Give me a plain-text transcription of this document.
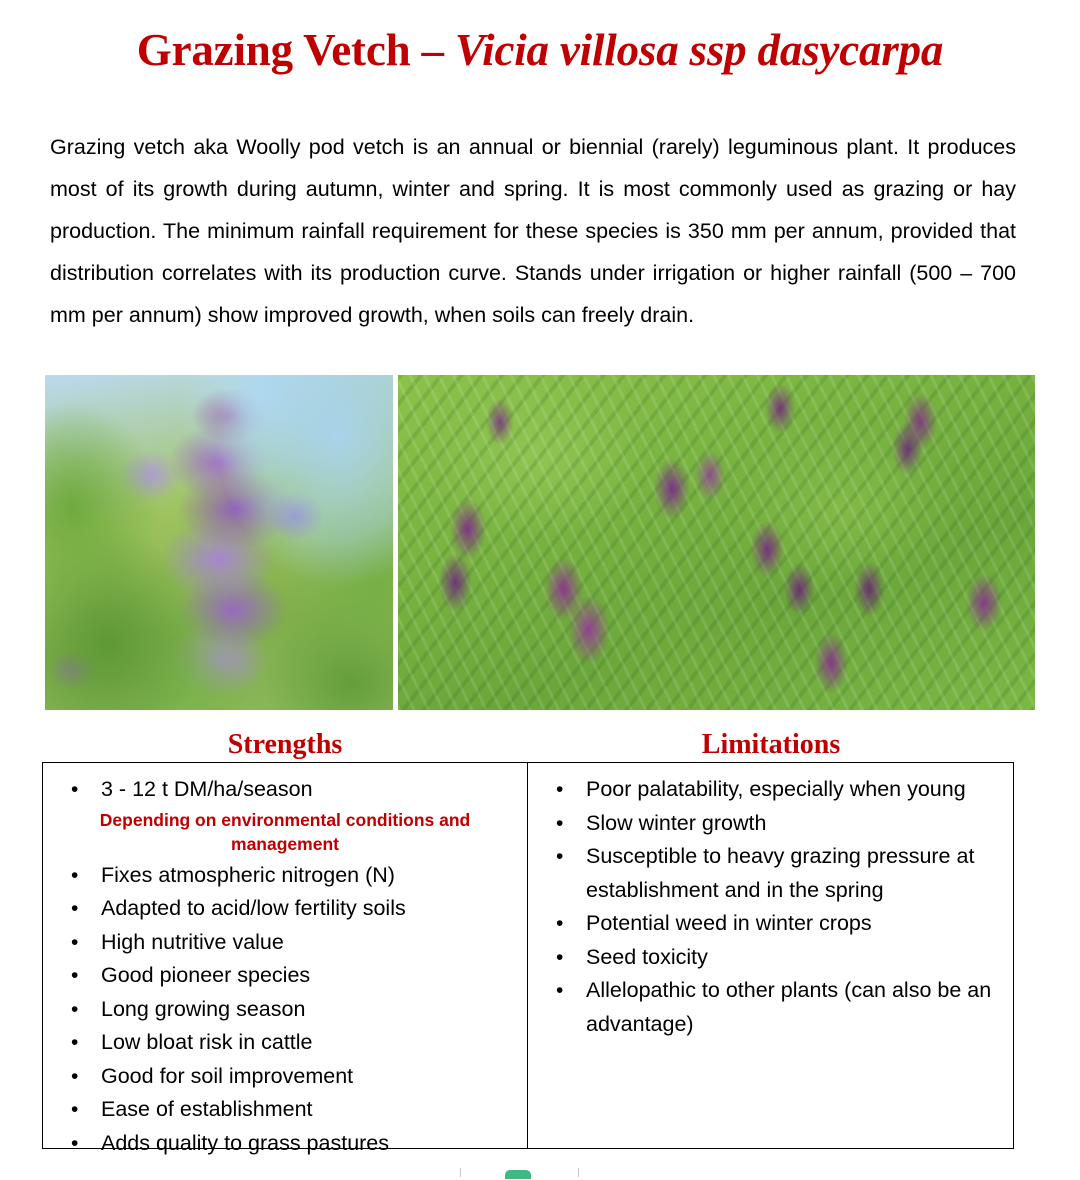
Grazing Vetch – Vicia villosa ssp dasycarpa

Grazing vetch aka Woolly pod vetch is an annual or biennial (rarely) leguminous plant. It produces most of its growth during autumn, winter and spring. It is most commonly used as grazing or hay production. The minimum rainfall requirement for these species is 350 mm per annum, provided that distribution correlates with its production curve. Stands under irrigation or higher rainfall (500 – 700 mm per annum) show improved growth, when soils can freely drain.

Strengths	Limitations
• 3 - 12 t DM/ha/season
Depending on environmental conditions and management
• Fixes atmospheric nitrogen (N)
• Adapted to acid/low fertility soils
• High nutritive value
• Good pioneer species
• Long growing season
• Low bloat risk in cattle
• Good for soil improvement
• Ease of establishment
• Adds quality to grass pastures
• Poor palatability, especially when young
• Slow winter growth
• Susceptible to heavy grazing pressure at establishment and in the spring
• Potential weed in winter crops
• Seed toxicity
• Allelopathic to other plants (can also be an advantage)
